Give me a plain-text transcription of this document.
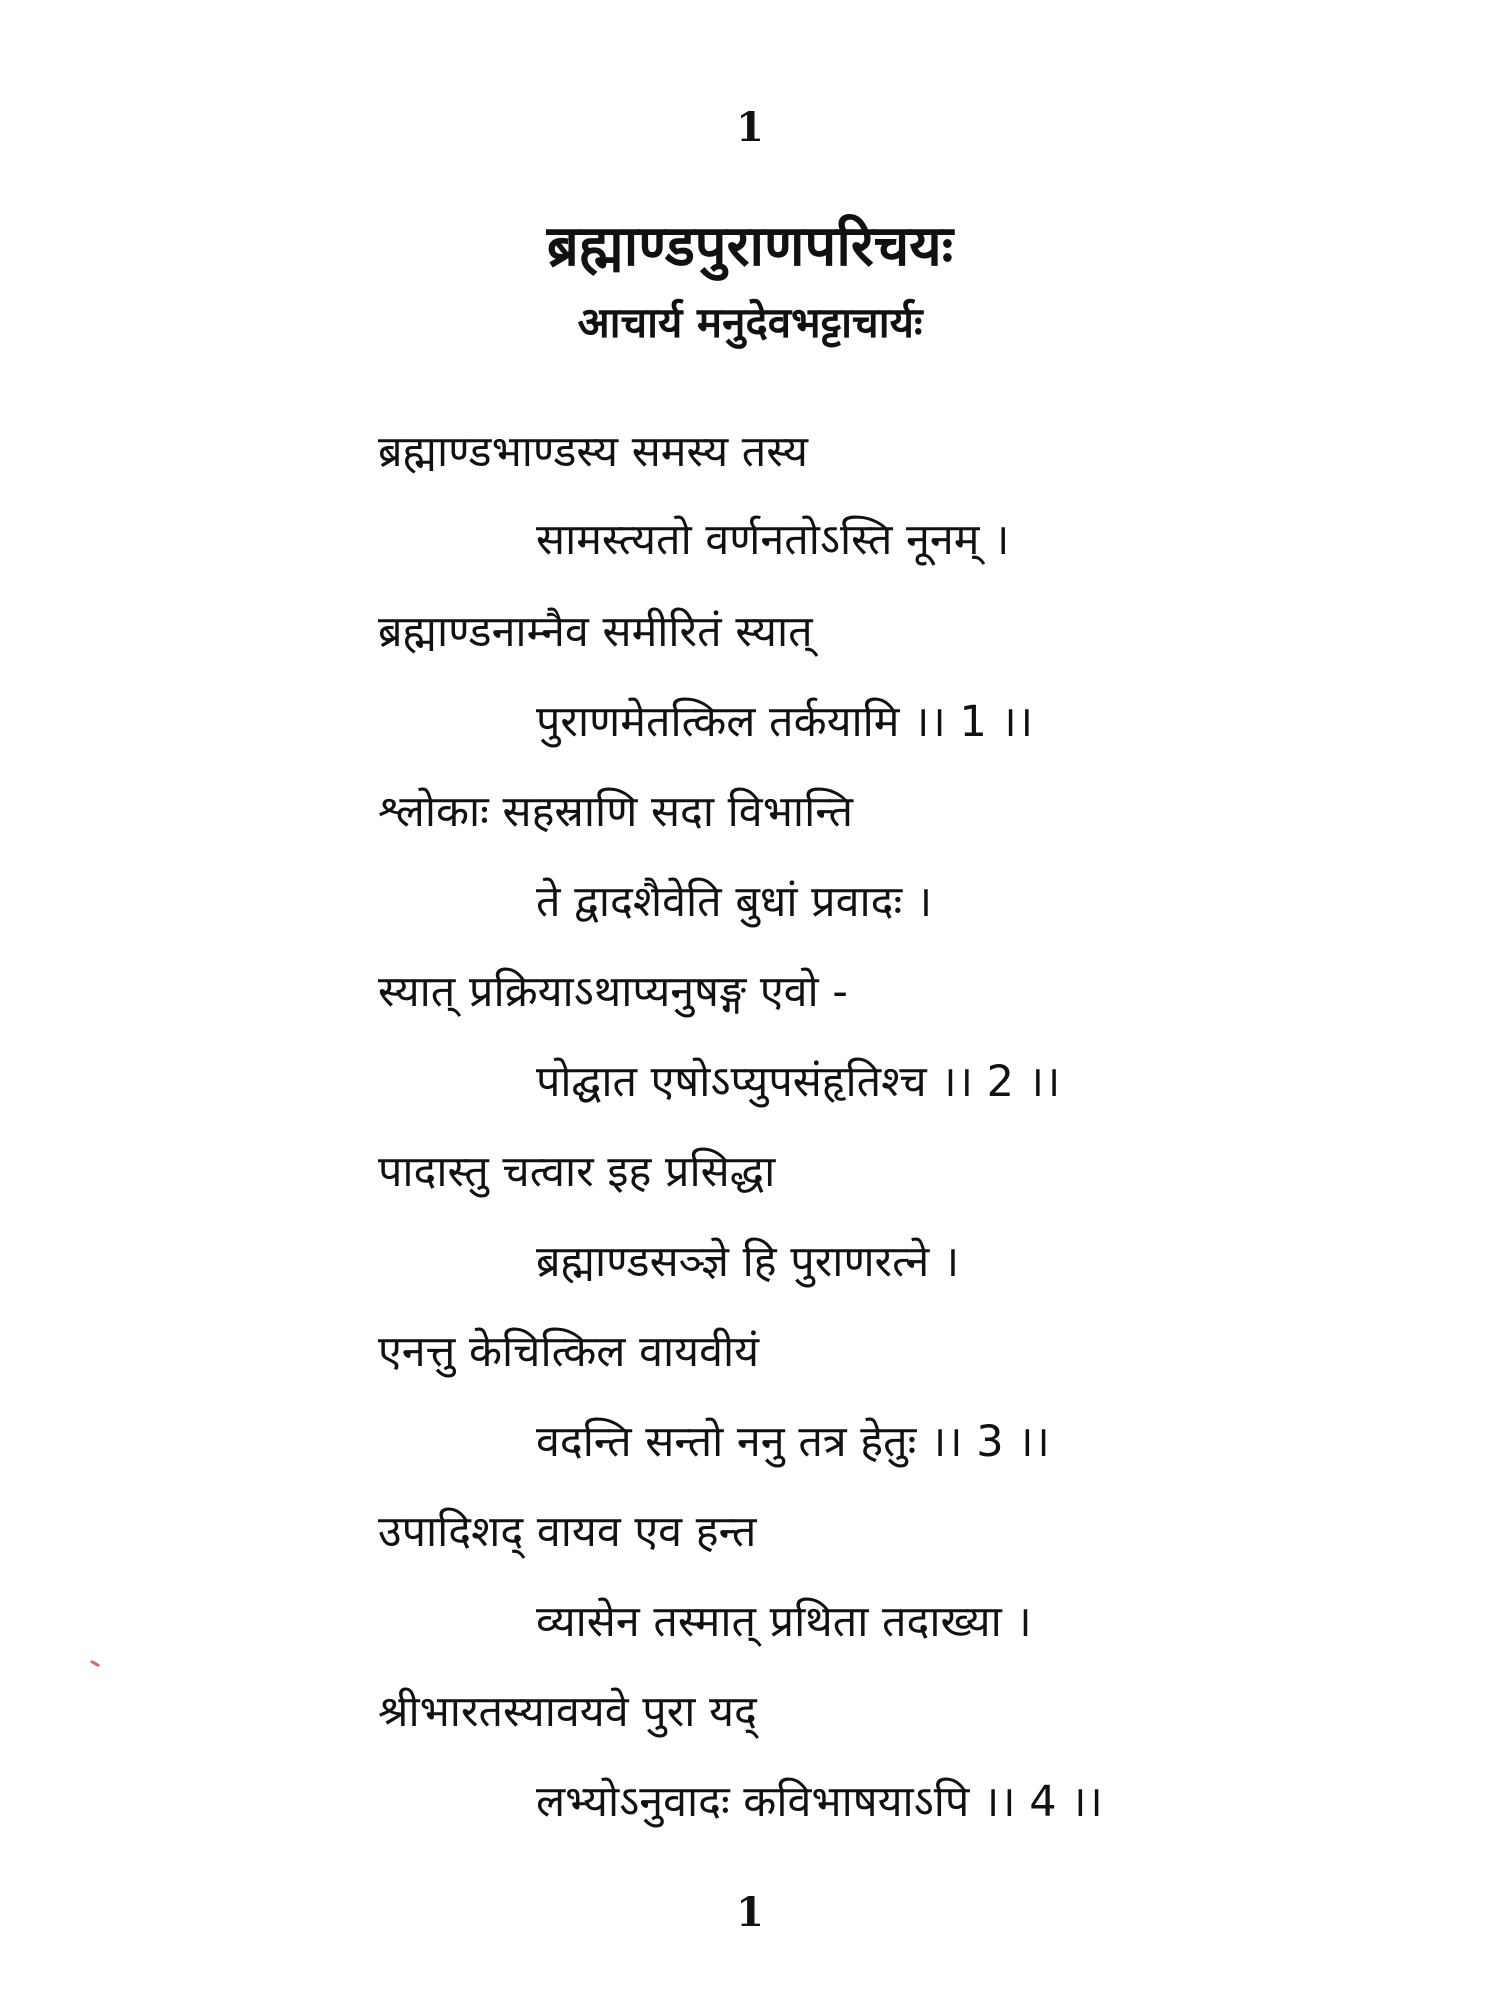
1
ब्रह्माण्डपुराणपरिचयः
आचार्य मनुदेवभट्टाचार्यः
ब्रह्माण्डभाण्डस्य समस्य तस्य
सामस्त्यतो वर्णनतोऽस्ति नूनम् ।
ब्रह्माण्डनाम्नैव समीरितं स्यात्
पुराणमेतत्किल तर्कयामि ।। 1 ।।
श्लोकाः सहस्राणि सदा विभान्ति
ते द्वादशैवेति बुधां प्रवादः ।
स्यात् प्रक्रियाऽथाप्यनुषङ्ग एवो -
पोद्घात एषोऽप्युपसंहृतिश्च ।। 2 ।।
पादास्तु चत्वार इह प्रसिद्धा
ब्रह्माण्डसञ्ज्ञे हि पुराणरत्ने ।
एनत्तु केचित्किल वायवीयं
वदन्ति सन्तो ननु तत्र हेतुः ।। 3 ।।
उपादिशद् वायव एव हन्त
व्यासेन तस्मात् प्रथिता तदाख्या ।
श्रीभारतस्यावयवे पुरा यद्
लभ्योऽनुवादः कविभाषयाऽपि ।। 4 ।।
1
